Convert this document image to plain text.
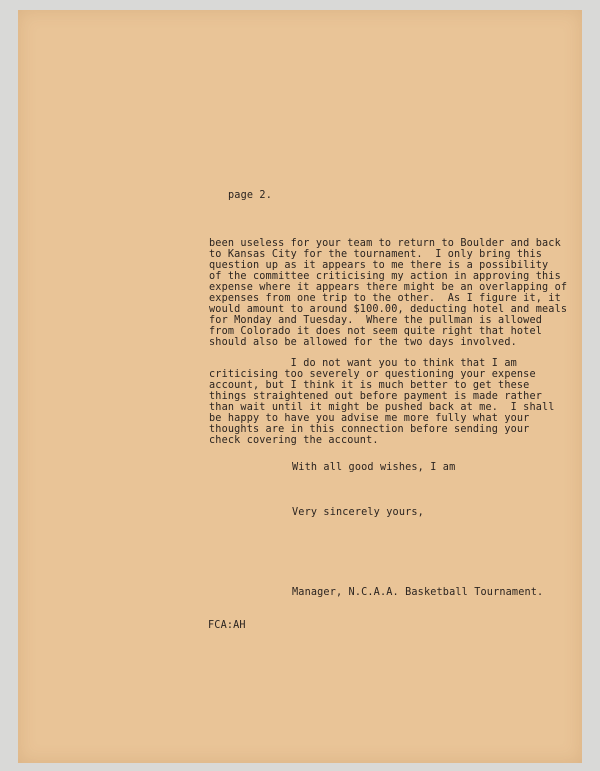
page 2.
been useless for your team to return to Boulder and back
to Kansas City for the tournament.  I only bring this
question up as it appears to me there is a possibility
of the committee criticising my action in approving this
expense where it appears there might be an overlapping of
expenses from one trip to the other.  As I figure it, it
would amount to around $100.00, deducting hotel and meals
for Monday and Tuesday.  Where the pullman is allowed
from Colorado it does not seem quite right that hotel
should also be allowed for the two days involved.
I do not want you to think that I am
criticising too severely or questioning your expense
account, but I think it is much better to get these
things straightened out before payment is made rather
than wait until it might be pushed back at me.  I shall
be happy to have you advise me more fully what your
thoughts are in this connection before sending your
check covering the account.
With all good wishes, I am
Very sincerely yours,
Manager, N.C.A.A. Basketball Tournament.
FCA:AH
